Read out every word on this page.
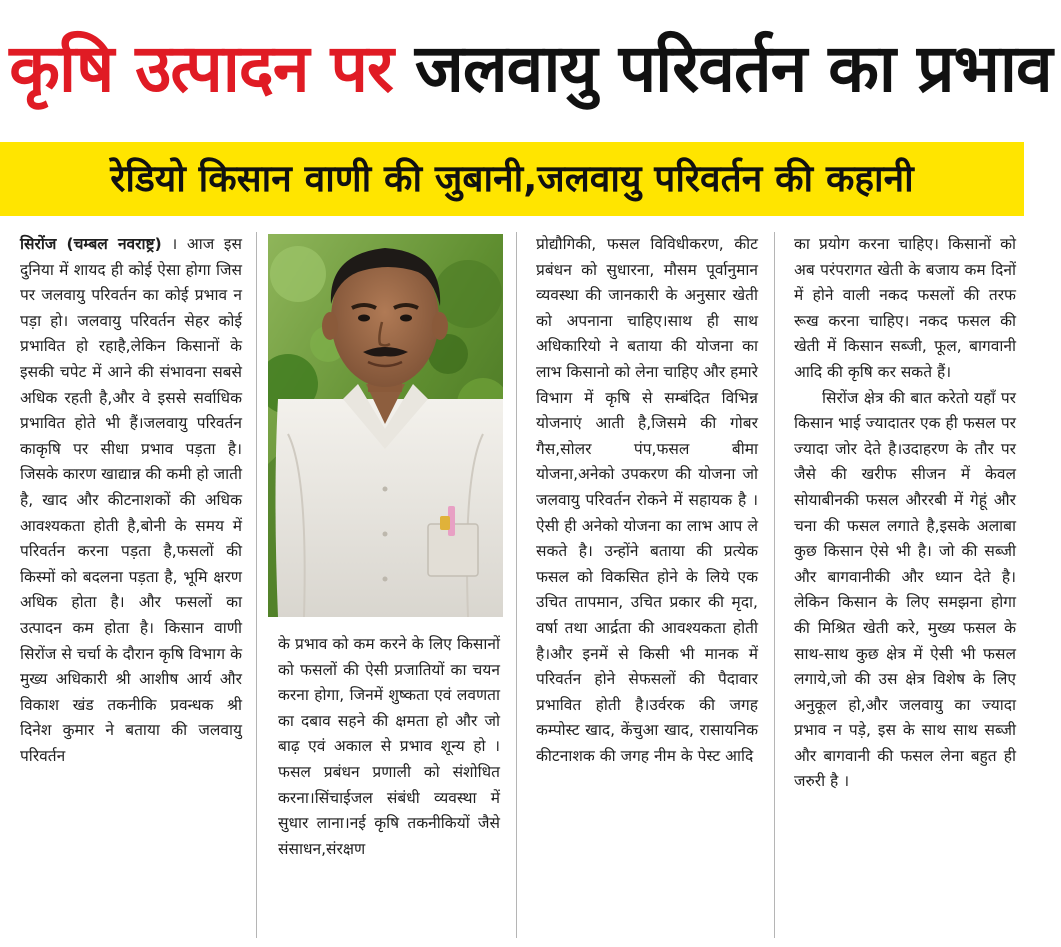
कृषि उत्पादन पर जलवायु परिवर्तन का प्रभाव
रेडियो किसान वाणी की जुबानी,जलवायु परिवर्तन की कहानी

सिरोंज (चम्बल नवराष्ट्र) । आज इस दुनिया में शायद ही कोई ऐसा होगा जिस पर जलवायु परिवर्तन का कोई प्रभाव न पड़ा हो। जलवायु परिवर्तन सेहर कोई प्रभावित हो रहाहै,लेकिन किसानों के इसकी चपेट में आने की संभावना सबसे अधिक रहती है,और वे इससे सर्वाधिक प्रभावित होते भी हैं।जलवायु परिवर्तन काकृषि पर सीधा प्रभाव पड़ता है।जिसके कारण खाद्यान्न की कमी हो जाती है, खाद और कीटनाशकों की अधिक आवश्यकता होती है,बोनी के समय में परिवर्तन करना पड़ता है,फसलों की किस्मों को बदलना पड़ता है, भूमि क्षरण अधिक होता है। और फसलों का उत्पादन कम होता है। किसान वाणी सिरोंज से चर्चा के दौरान कृषि विभाग के मुख्य अधिकारी श्री आशीष आर्य और विकाश खंड तकनीकि प्रवन्धक श्री दिनेश कुमार ने बताया की जलवायु परिवर्तन

के प्रभाव को कम करने के लिए किसानों को फसलों की ऐसी प्रजातियों का चयन करना होगा, जिनमें शुष्कता एवं लवणता का दबाव सहने की क्षमता हो और जो बाढ़ एवं अकाल से प्रभाव शून्य हो । फसल प्रबंधन प्रणाली को संशोधित करना।सिंचाईजल संबंधी व्यवस्था में सुधार लाना।नई कृषि तकनीकियों जैसे संसाधन,संरक्षण

प्रोद्यौगिकी, फसल विविधीकरण, कीट प्रबंधन को सुधारना, मौसम पूर्वानुमान व्यवस्था की जानकारी के अनुसार खेती को अपनाना चाहिए।साथ ही साथ अधिकारियो ने बताया की योजना का लाभ किसानो को लेना चाहिए और हमारे विभाग में कृषि से सम्बंदित विभिन्न योजनाएं आती है,जिसमे की गोबर गैस,सोलर पंप,फसल बीमा योजना,अनेको उपकरण की योजना जो जलवायु परिवर्तन रोकने में सहायक है ।ऐसी ही अनेको योजना का लाभ आप ले सकते है। उन्होंने बताया की प्रत्येक फसल को विकसित होने के लिये एक उचित तापमान, उचित प्रकार की मृदा, वर्षा तथा आर्द्रता की आवश्यकता होती है।और इनमें से किसी भी मानक में परिवर्तन होने सेफसलों की पैदावार प्रभावित होती है।उर्वरक की जगह कम्पोस्ट खाद, केंचुआ खाद, रासायनिक कीटनाशक की जगह नीम के पेस्ट आदि

का प्रयोग करना चाहिए। किसानों को अब परंपरागत खेती के बजाय कम दिनों में होने वाली नकद फसलों की तरफ रूख करना चाहिए। नकद फसल की खेती में किसान सब्जी, फूल, बागवानी आदि की कृषि कर सकते हैं।

सिरोंज क्षेत्र की बात करेतो यहाँ पर किसान भाई ज्यादातर एक ही फसल पर ज्यादा जोर देते है।उदाहरण के तौर पर जैसे की खरीफ सीजन में केवल सोयाबीनकी फसल औररबी में गेहूं और चना की फसल लगाते है,इसके अलाबा कुछ किसान ऐसे भी है। जो की सब्जी और बागवानीकी और ध्यान देते है। लेकिन किसान के लिए समझना होगा की मिश्रित खेती करे, मुख्य फसल के साथ-साथ कुछ क्षेत्र में ऐसी भी फसल लगाये,जो की उस क्षेत्र विशेष के लिए अनुकूल हो,और जलवायु का ज्यादा प्रभाव न पड़े, इस के साथ साथ सब्जी और बागवानी की फसल लेना बहुत ही जरुरी है ।
